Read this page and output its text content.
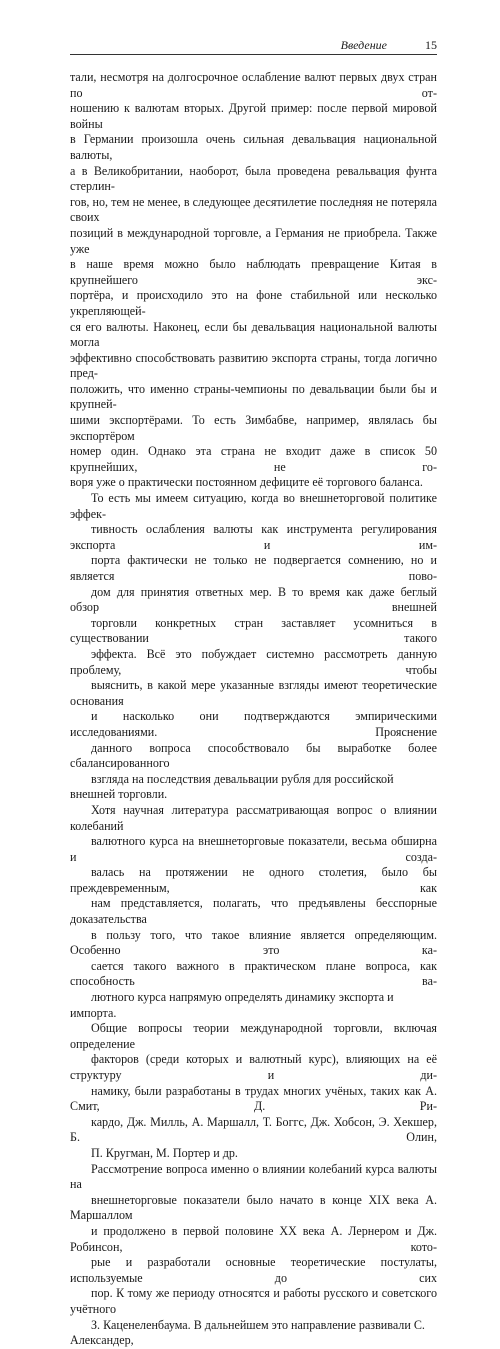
Введение	15

тали, несмотря на долгосрочное ослабление валют первых двух стран по от-
ношению к валютам вторых. Другой пример: после первой мировой войны
в Германии произошла очень сильная девальвация национальной валюты,
а в Великобритании, наоборот, была проведена ревальвация фунта стерлин-
гов, но, тем не менее, в следующее десятилетие последняя не потеряла своих
позиций в международной торговле, а Германия не приобрела. Также уже
в наше время можно было наблюдать превращение Китая в крупнейшего экс-
портёра, и происходило это на фоне стабильной или несколько укрепляющей-
ся его валюты. Наконец, если бы девальвация национальной валюты могла
эффективно способствовать развитию экспорта страны, тогда логично пред-
положить, что именно страны-чемпионы по девальвации были бы и крупней-
шими экспортёрами. То есть Зимбабве, например, являлась бы экспортёром
номер один. Однако эта страна не входит даже в список 50 крупнейших, не го-
воря уже о практически постоянном дефиците её торгового баланса.

То есть мы имеем ситуацию, когда во внешнеторговой политике эффек-
тивность ослабления валюты как инструмента регулирования экспорта и им-
порта фактически не только не подвергается сомнению, но и является пово-
дом для принятия ответных мер. В то время как даже беглый обзор внешней
торговли конкретных стран заставляет усомниться в существовании такого
эффекта. Всё это побуждает системно рассмотреть данную проблему, чтобы
выяснить, в какой мере указанные взгляды имеют теоретические основания
и насколько они подтверждаются эмпирическими исследованиями. Прояснение
данного вопроса способствовало бы выработке более сбалансированного
взгляда на последствия девальвации рубля для российской внешней торговли.

Хотя научная литература рассматривающая вопрос о влиянии колебаний
валютного курса на внешнеторговые показатели, весьма обширна и созда-
валась на протяжении не одного столетия, было бы преждевременным, как
нам представляется, полагать, что предъявлены бесспорные доказательства
в пользу того, что такое влияние является определяющим. Особенно это ка-
сается такого важного в практическом плане вопроса, как способность ва-
лютного курса напрямую определять динамику экспорта и импорта.

Общие вопросы теории международной торговли, включая определение
факторов (среди которых и валютный курс), влияющих на её структуру и ди-
намику, были разработаны в трудах многих учёных, таких как А. Смит, Д. Ри-
кардо, Дж. Милль, А. Маршалл, Т. Боггс, Дж. Хобсон, Э. Хекшер, Б. Олин,
П. Кругман, М. Портер и др.

Рассмотрение вопроса именно о влиянии колебаний курса валюты на
внешнеторговые показатели было начато в конце XIX века А. Маршаллом
и продолжено в первой половине XX века А. Лернером и Дж. Робинсон, кото-
рые и разработали основные теоретические постулаты, используемые до сих
пор. К тому же периоду относятся и работы русского и советского учётного
З. Каценеленбаума. В дальнейшем это направление развивали С. Александер,
